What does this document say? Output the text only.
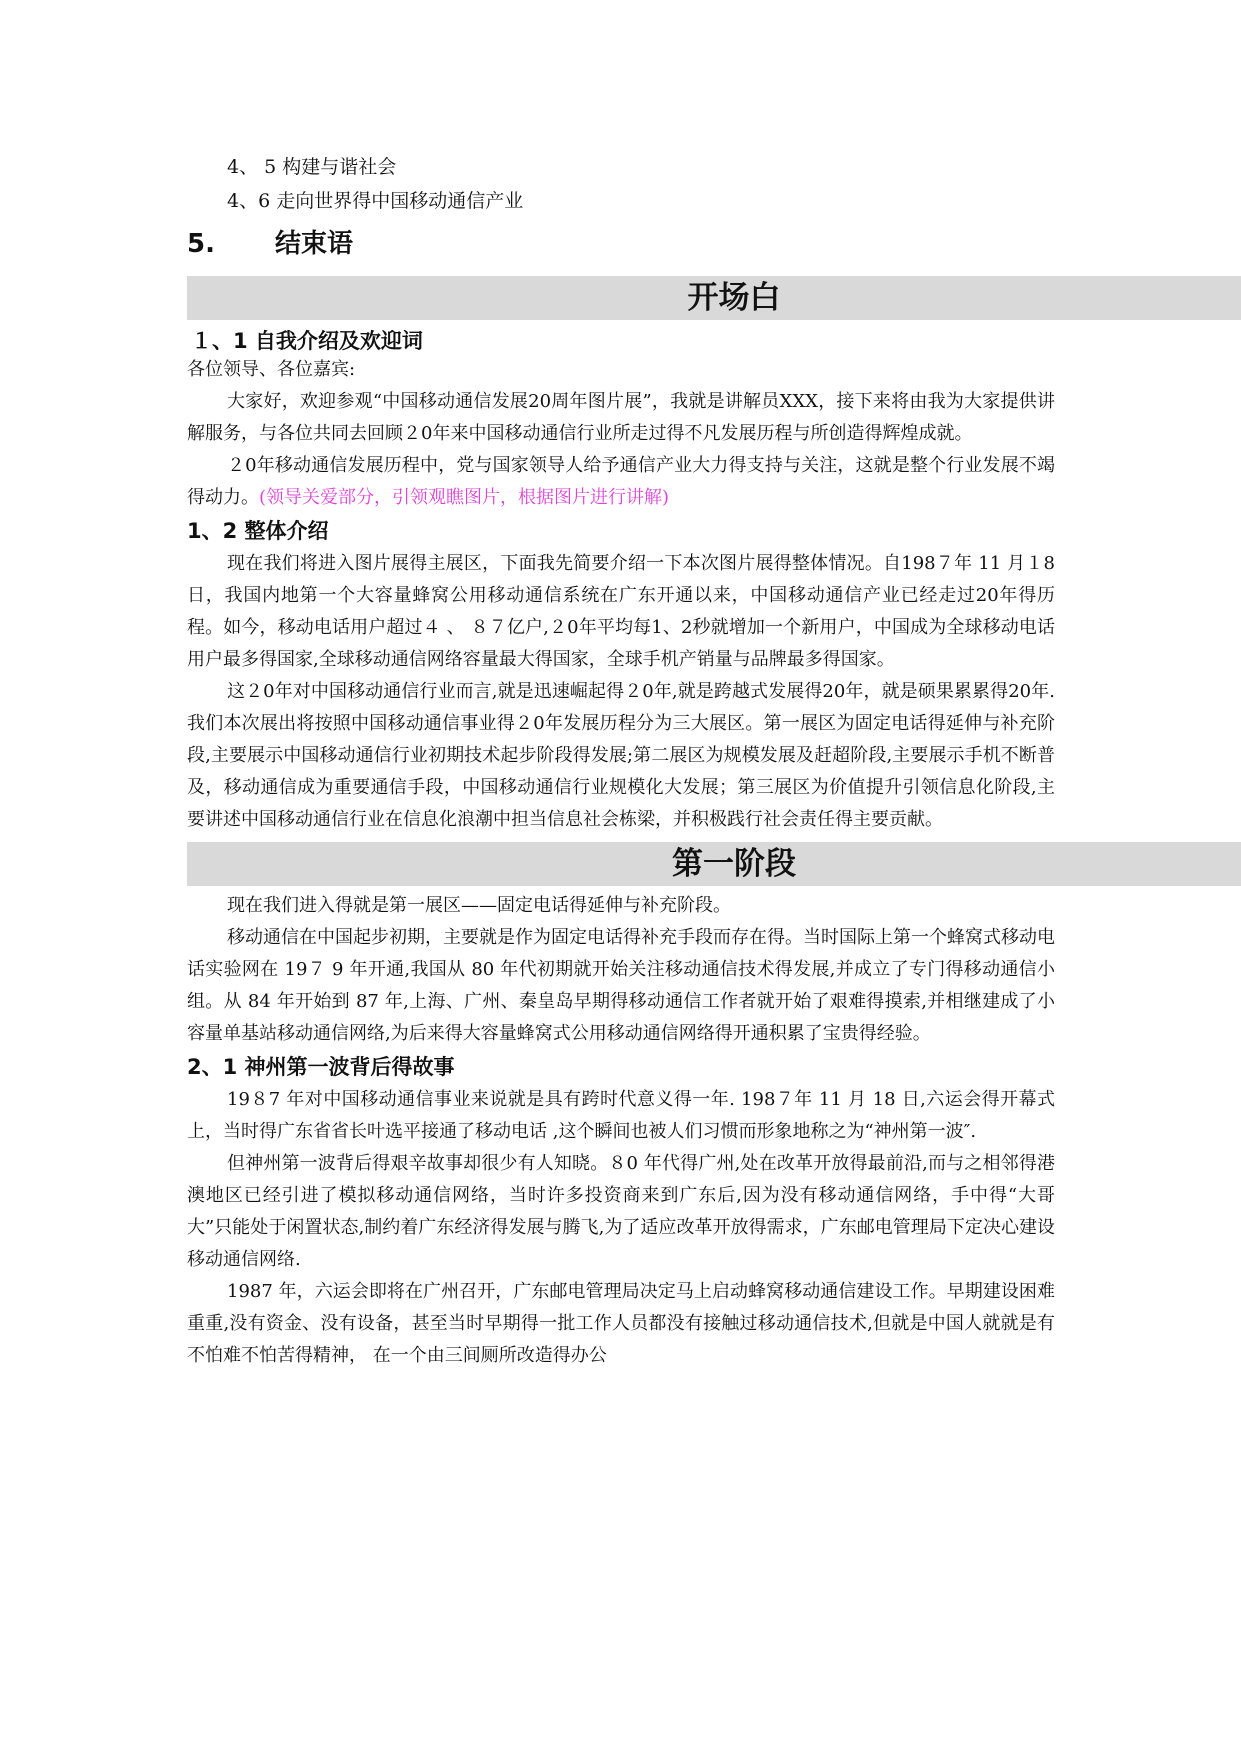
4、 5 构建与谐社会
4、6 走向世界得中国移动通信产业
5. 结束语
开场白
１、1 自我介绍及欢迎词

各位领导、各位嘉宾:

大家好，欢迎参观“中国移动通信发展20周年图片展”，我就是讲解员XXX，接下来将由我为大家提供讲解服务，与各位共同去回顾２0年来中国移动通信行业所走过得不凡发展历程与所创造得辉煌成就。

２0年移动通信发展历程中，党与国家领导人给予通信产业大力得支持与关注，这就是整个行业发展不竭得动力。(领导关爱部分，引领观瞧图片，根据图片进行讲解)

1、2 整体介绍

现在我们将进入图片展得主展区，下面我先简要介绍一下本次图片展得整体情况。自198７年 11 月１8日，我国内地第一个大容量蜂窝公用移动通信系统在广东开通以来，中国移动通信产业已经走过20年得历程。如今，移动电话用户超过４ 、 ８７亿户,２0年平均每1、2秒就增加一个新用户，中国成为全球移动电话用户最多得国家,全球移动通信网络容量最大得国家，全球手机产销量与品牌最多得国家。

这２0年对中国移动通信行业而言,就是迅速崛起得２0年,就是跨越式发展得20年，就是硕果累累得20年.我们本次展出将按照中国移动通信事业得２0年发展历程分为三大展区。第一展区为固定电话得延伸与补充阶段,主要展示中国移动通信行业初期技术起步阶段得发展;第二展区为规模发展及赶超阶段,主要展示手机不断普及，移动通信成为重要通信手段，中国移动通信行业规模化大发展；第三展区为价值提升引领信息化阶段,主要讲述中国移动通信行业在信息化浪潮中担当信息社会栋梁，并积极践行社会责任得主要贡献。

第一阶段

现在我们进入得就是第一展区——固定电话得延伸与补充阶段。

移动通信在中国起步初期，主要就是作为固定电话得补充手段而存在得。当时国际上第一个蜂窝式移动电话实验网在 19７ 9 年开通,我国从 80 年代初期就开始关注移动通信技术得发展,并成立了专门得移动通信小组。从 84 年开始到 87 年,上海、广州、秦皇岛早期得移动通信工作者就开始了艰难得摸索,并相继建成了小容量单基站移动通信网络,为后来得大容量蜂窝式公用移动通信网络得开通积累了宝贵得经验。

2、1 神州第一波背后得故事

19８7 年对中国移动通信事业来说就是具有跨时代意义得一年. 198７年 11 月 18 日,六运会得开幕式上，当时得广东省省长叶选平接通了移动电话 ,这个瞬间也被人们习惯而形象地称之为“神州第一波″.

但神州第一波背后得艰辛故事却很少有人知晓。８0 年代得广州,处在改革开放得最前沿,而与之相邻得港澳地区已经引进了模拟移动通信网络，当时许多投资商来到广东后,因为没有移动通信网络，手中得“大哥大”只能处于闲置状态,制约着广东经济得发展与腾飞,为了适应改革开放得需求，广东邮电管理局下定决心建设移动通信网络.

1987 年，六运会即将在广州召开，广东邮电管理局决定马上启动蜂窝移动通信建设工作。早期建设困难重重,没有资金、没有设备，甚至当时早期得一批工作人员都没有接触过移动通信技术,但就是中国人就就是有不怕难不怕苦得精神， 在一个由三间厕所改造得办公
